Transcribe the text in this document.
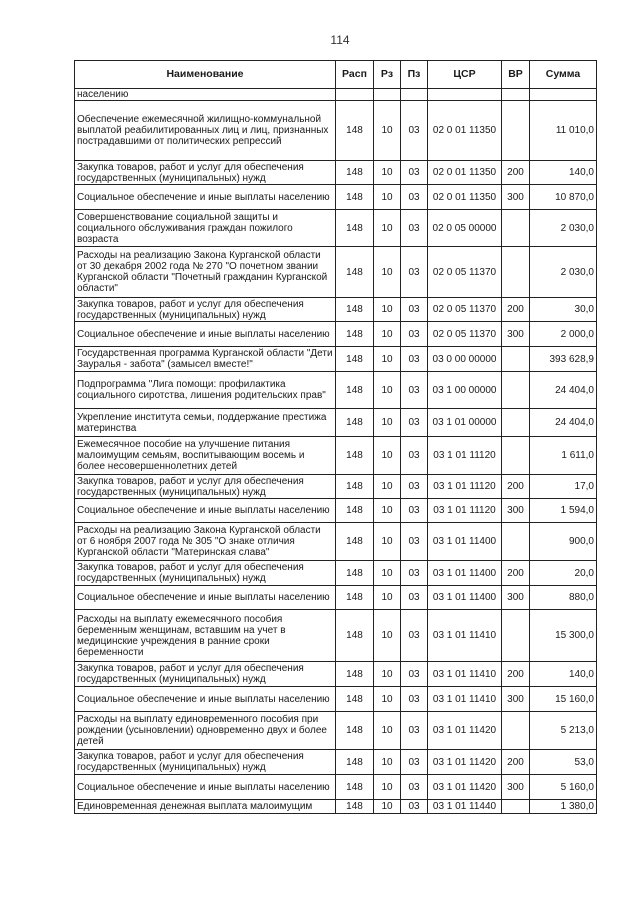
114
Наименование	Расп	Рз	Пз	ЦСР	ВР	Сумма
населению						
Обеспечение ежемесячной жилищно-коммунальной выплатой реабилитированных лиц и лиц, признанных пострадавшими от политических репрессий	148	10	03	02 0 01 11350		11 010,0
Закупка товаров, работ и услуг для обеспечения государственных (муниципальных) нужд	148	10	03	02 0 01 11350	200	140,0
Социальное обеспечение и иные выплаты населению	148	10	03	02 0 01 11350	300	10 870,0
Совершенствование социальной защиты и социального обслуживания граждан пожилого возраста	148	10	03	02 0 05 00000		2 030,0
Расходы на реализацию Закона Курганской области от 30 декабря 2002 года № 270 "О почетном звании Курганской области "Почетный гражданин Курганской области"	148	10	03	02 0 05 11370		2 030,0
Закупка товаров, работ и услуг для обеспечения государственных (муниципальных) нужд	148	10	03	02 0 05 11370	200	30,0
Социальное обеспечение и иные выплаты населению	148	10	03	02 0 05 11370	300	2 000,0
Государственная программа Курганской области "Дети Зауралья - забота" (замысел вместе!"	148	10	03	03 0 00 00000		393 628,9
Подпрограмма "Лига помощи: профилактика социального сиротства, лишения родительских прав"	148	10	03	03 1 00 00000		24 404,0
Укрепление института семьи, поддержание престижа материнства	148	10	03	03 1 01 00000		24 404,0
Ежемесячное пособие на улучшение питания малоимущим семьям, воспитывающим восемь и более несовершеннолетних детей	148	10	03	03 1 01 11120		1 611,0
Закупка товаров, работ и услуг для обеспечения государственных (муниципальных) нужд	148	10	03	03 1 01 11120	200	17,0
Социальное обеспечение и иные выплаты населению	148	10	03	03 1 01 11120	300	1 594,0
Расходы на реализацию Закона Курганской области от 6 ноября 2007 года № 305 "О знаке отличия Курганской области "Материнская слава"	148	10	03	03 1 01 11400		900,0
Закупка товаров, работ и услуг для обеспечения государственных (муниципальных) нужд	148	10	03	03 1 01 11400	200	20,0
Социальное обеспечение и иные выплаты населению	148	10	03	03 1 01 11400	300	880,0
Расходы на выплату ежемесячного пособия беременным женщинам, вставшим на учет в медицинские учреждения в ранние сроки беременности	148	10	03	03 1 01 11410		15 300,0
Закупка товаров, работ и услуг для обеспечения государственных (муниципальных) нужд	148	10	03	03 1 01 11410	200	140,0
Социальное обеспечение и иные выплаты населению	148	10	03	03 1 01 11410	300	15 160,0
Расходы на выплату единовременного пособия при рождении (усыновлении) одновременно двух и более детей	148	10	03	03 1 01 11420		5 213,0
Закупка товаров, работ и услуг для обеспечения государственных (муниципальных) нужд	148	10	03	03 1 01 11420	200	53,0
Социальное обеспечение и иные выплаты населению	148	10	03	03 1 01 11420	300	5 160,0
Единовременная денежная выплата малоимущим	148	10	03	03 1 01 11440		1 380,0
